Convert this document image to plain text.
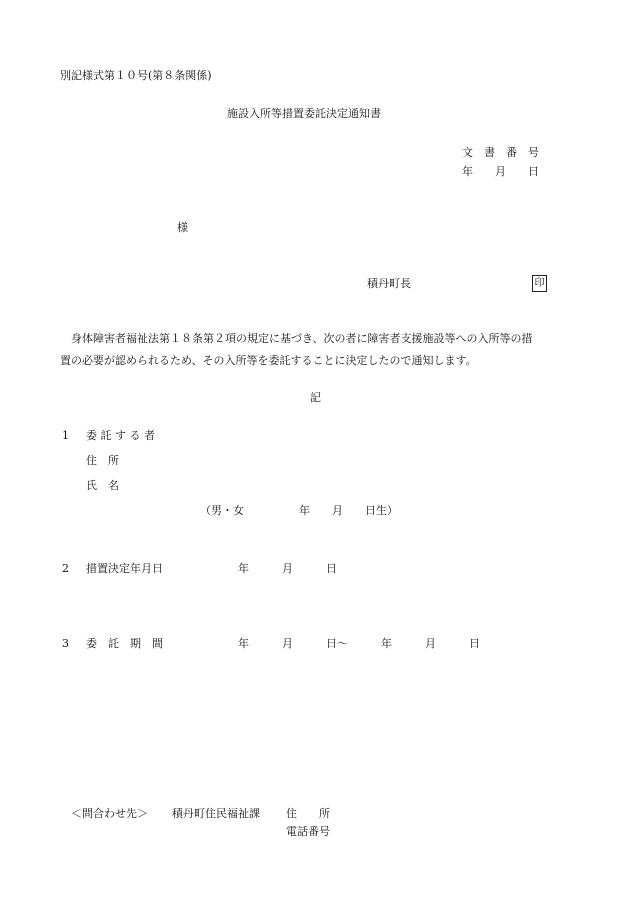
別記様式第１０号(第８条関係)
施設入所等措置委託決定通知書
文　書　番　号
年　　月　　日
様
積丹町長	印
　身体障害者福祉法第１８条第２項の規定に基づき、次の者に障害者支援施設等への入所等の措
置の必要が認められるため、その入所等を委託することに決定したので通知します。
記
1 委 託 す る 者
住　所
氏　名
（男・女　　　　　年　　月　　日生）
2 措置決定年月日	年　　　月　　　日
3 委　託　期　間	年　　　月　　　日〜　　　年　　　月　　　日
＜問合わせ先＞ 積丹町住民福祉課 住　　所
電話番号
